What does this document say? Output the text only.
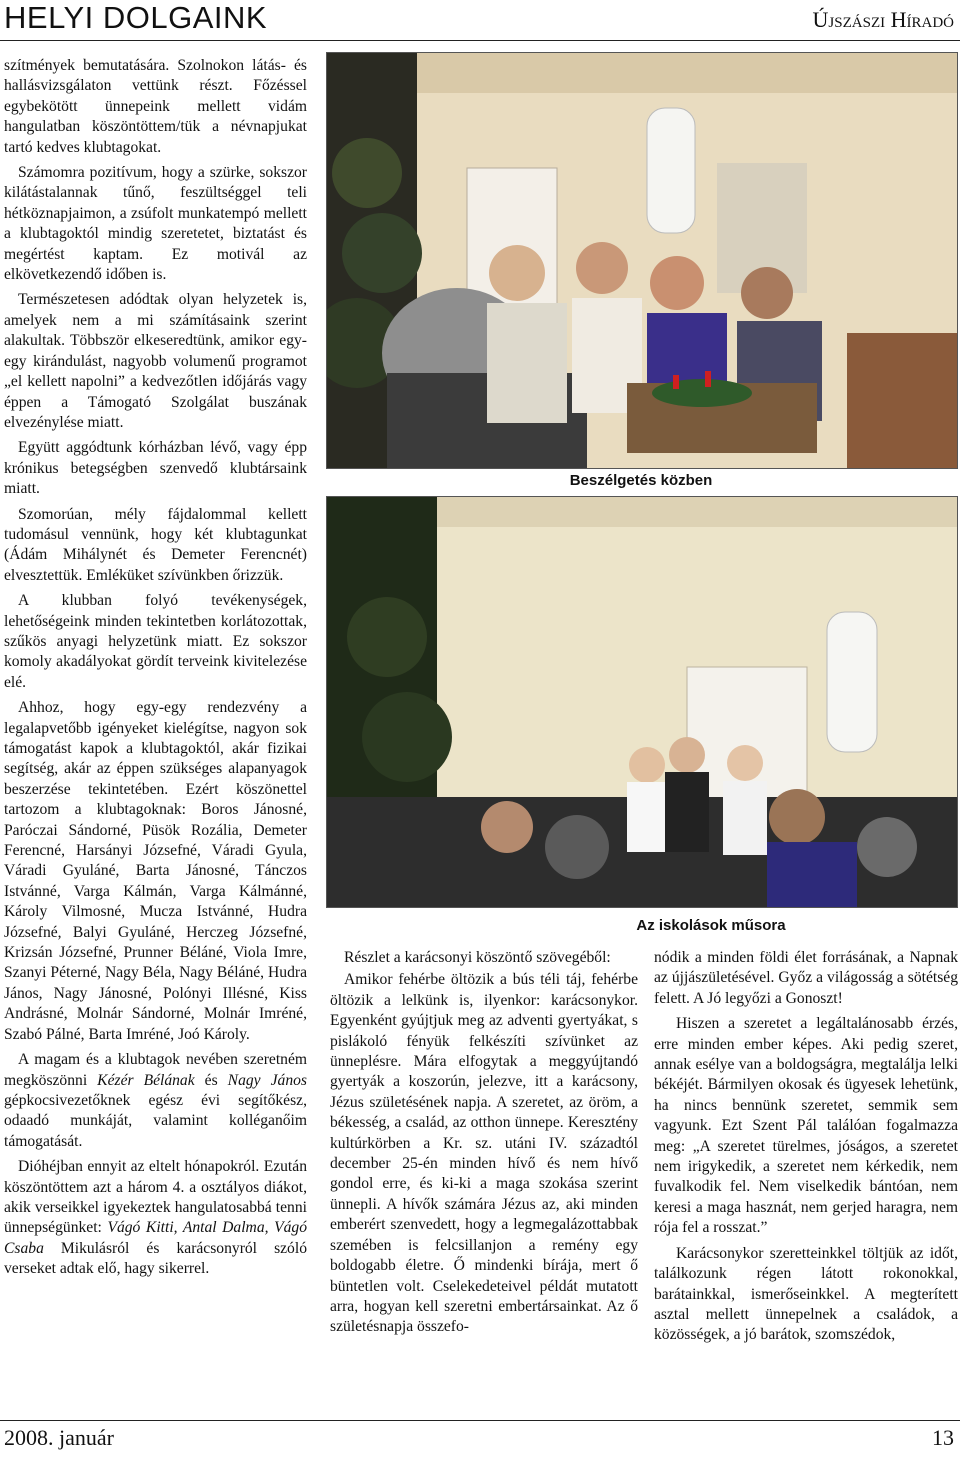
HELYI DOLGAINK	Újszászi Híradó

szítmények bemutatására. Szolnokon látás- és hallásvizsgálaton vettünk részt. Főzéssel egybekötött ünnepeink mellett vidám hangulatban köszöntöttem/tük a névnapjukat tartó kedves klubtagokat.

Számomra pozitívum, hogy a szürke, sokszor kilátástalannak tűnő, feszültséggel teli hétköznapjaimon, a zsúfolt munkatempó mellett a klubtagoktól mindig szeretetet, biztatást és megértést kaptam. Ez motivál az elkövetkezendő időben is.

Természetesen adódtak olyan helyzetek is, amelyek nem a mi számításaink szerint alakultak. Többször elkeseredtünk, amikor egy-egy kirándulást, nagyobb volumenű programot „el kellett napolni” a kedvezőtlen időjárás vagy éppen a Támogató Szolgálat buszának elvezénylése miatt.

Együtt aggódtunk kórházban lévő, vagy épp krónikus betegségben szenvedő klubtársaink miatt.

Szomorúan, mély fájdalommal kellett tudomásul vennünk, hogy két klubtagunkat (Ádám Mihálynét és Demeter Ferencnét) elvesztettük. Emléküket szívünkben őrizzük.

A klubban folyó tevékenységek, lehetőségeink minden tekintetben korlátozottak, szűkös anyagi helyzetünk miatt. Ez sokszor komoly akadályokat gördít terveink kivitelezése elé.

Ahhoz, hogy egy-egy rendezvény a legalapvetőbb igényeket kielégítse, nagyon sok támogatást kapok a klubtagoktól, akár fizikai segítség, akár az éppen szükséges alapanyagok beszerzése tekintetében. Ezért köszönettel tartozom a klubtagoknak: Boros Jánosné, Paróczai Sándorné, Püsök Rozália, Demeter Ferencné, Harsányi Józsefné, Váradi Gyula, Váradi Gyuláné, Barta Jánosné, Tánczos Istvánné, Varga Kálmán, Varga Kálmánné, Károly Vilmosné, Mucza Istvánné, Hudra Józsefné, Balyi Gyuláné, Herczeg Józsefné, Krizsán Józsefné, Prunner Béláné, Viola Imre, Szanyi Péterné, Nagy Béla, Nagy Béláné, Hudra János, Nagy Jánosné, Polónyi Illésné, Kiss Andrásné, Molnár Sándorné, Molnár Imréné, Szabó Pálné, Barta Imréné, Joó Károly.

A magam és a klubtagok nevében szeretném megköszönni Kézér Bélának és Nagy János gépkocsivezetőknek egész évi segítőkész, odaadó munkáját, valamint kolléganőim támogatását.

Dióhéjban ennyit az eltelt hónapokról. Ezután köszöntöttem azt a három 4. a osztályos diákot, akik verseikkel igyekeztek hangulatosabbá tenni ünnepségünket: Vágó Kitti, Antal Dalma, Vágó Csaba Mikulásról és karácsonyról szóló verseket adtak elő, hagy sikerrel.

Beszélgetés közben
Az iskolások műsora

Részlet a karácsonyi köszöntő szövegéből:

Amikor fehérbe öltözik a bús téli táj, fehérbe öltözik a lelkünk is, ilyenkor: karácsonykor. Egyenként gyújtjuk meg az adventi gyertyákat, s pislákoló fényük felkészíti szívünket az ünneplésre. Mára elfogytak a meggyújtandó gyertyák a koszorún, jelezve, itt a karácsony, Jézus születésének napja. A szeretet, az öröm, a békesség, a család, az otthon ünnepe. Keresztény kultúrkörben a Kr. sz. utáni IV. századtól december 25-én minden hívő és nem hívő gondol erre, és ki-ki a maga szokása szerint ünnepli. A hívők számára Jézus az, aki minden emberért szenvedett, hogy a legmegalázottabbak szemében is felcsillanjon a remény egy boldogabb életre. Ő mindenki bírája, mert ő büntetlen volt. Cselekedeteivel példát mutatott arra, hogyan kell szeretni embertársainkat. Az ő születésnapja összefo-

nódik a minden földi élet forrásának, a Napnak az újjászületésével. Győz a világosság a sötétség felett. A Jó legyőzi a Gonoszt!

Hiszen a szeretet a legáltalánosabb érzés, erre minden ember képes. Aki pedig szeret, annak esélye van a boldogságra, megtalálja lelki békéjét. Bármilyen okosak és ügyesek lehetünk, ha nincs bennünk szeretet, semmik sem vagyunk. Ezt Szent Pál találóan fogalmazza meg: „A szeretet türelmes, jóságos, a szeretet nem irigykedik, a szeretet nem kérkedik, nem fuvalkodik fel. Nem viselkedik bántóan, nem keresi a maga hasznát, nem gerjed haragra, nem rója fel a rosszat.”

Karácsonykor szeretteinkkel töltjük az időt, találkozunk régen látott rokonokkal, barátainkkal, ismerőseinkkel. A megterített asztal mellett ünnepelnek a családok, a közösségek, a jó barátok, szomszédok,

2008. január	13
